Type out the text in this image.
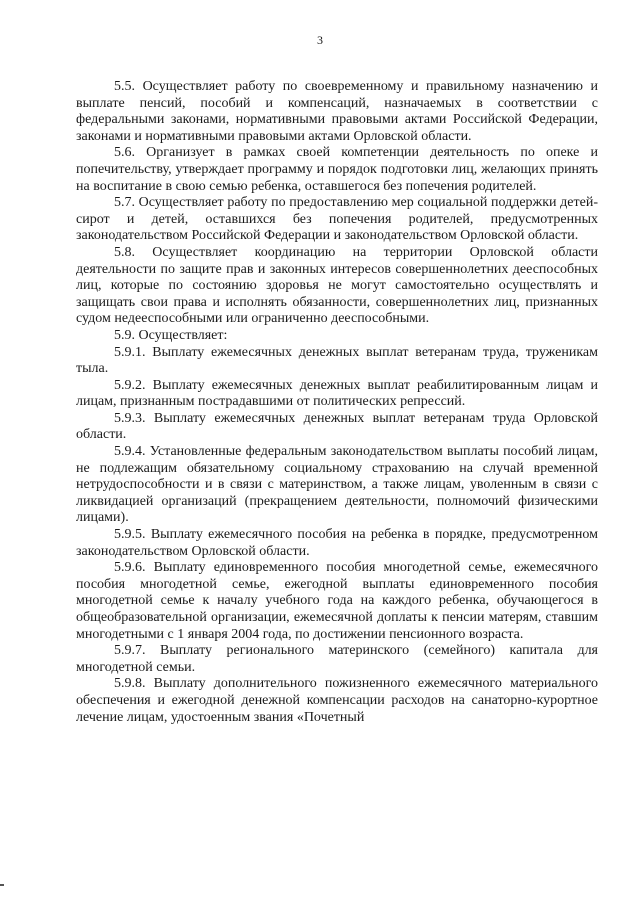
3

5.5. Осуществляет работу по своевременному и правильному назначению и выплате пенсий, пособий и компенсаций, назначаемых в соответствии с федеральными законами, нормативными правовыми актами Российской Федерации, законами и нормативными правовыми актами Орловской области.

5.6. Организует в рамках своей компетенции деятельность по опеке и попечительству, утверждает программу и порядок подготовки лиц, желающих принять на воспитание в свою семью ребенка, оставшегося без попечения родителей.

5.7. Осуществляет работу по предоставлению мер социальной поддержки детей-сирот и детей, оставшихся без попечения родителей, предусмотренных законодательством Российской Федерации и законодательством Орловской области.

5.8. Осуществляет координацию на территории Орловской области деятельности по защите прав и законных интересов совершеннолетних дееспособных лиц, которые по состоянию здоровья не могут самостоятельно осуществлять и защищать свои права и исполнять обязанности, совершеннолетних лиц, признанных судом недееспособными или ограниченно дееспособными.

5.9. Осуществляет:

5.9.1. Выплату ежемесячных денежных выплат ветеранам труда, труженикам тыла.

5.9.2. Выплату ежемесячных денежных выплат реабилитированным лицам и лицам, признанным пострадавшими от политических репрессий.

5.9.3. Выплату ежемесячных денежных выплат ветеранам труда Орловской области.

5.9.4. Установленные федеральным законодательством выплаты пособий лицам, не подлежащим обязательному социальному страхованию на случай временной нетрудоспособности и в связи с материнством, а также лицам, уволенным в связи с ликвидацией организаций (прекращением деятельности, полномочий физическими лицами).

5.9.5. Выплату ежемесячного пособия на ребенка в порядке, предусмотренном законодательством Орловской области.

5.9.6. Выплату единовременного пособия многодетной семье, ежемесячного пособия многодетной семье, ежегодной выплаты единовременного пособия многодетной семье к началу учебного года на каждого ребенка, обучающегося в общеобразовательной организации, ежемесячной доплаты к пенсии матерям, ставшим многодетными с 1 января 2004 года, по достижении пенсионного возраста.

5.9.7. Выплату регионального материнского (семейного) капитала для многодетной семьи.

5.9.8. Выплату дополнительного пожизненного ежемесячного материального обеспечения и ежегодной денежной компенсации расходов на санаторно-курортное лечение лицам, удостоенным звания «Почетный
